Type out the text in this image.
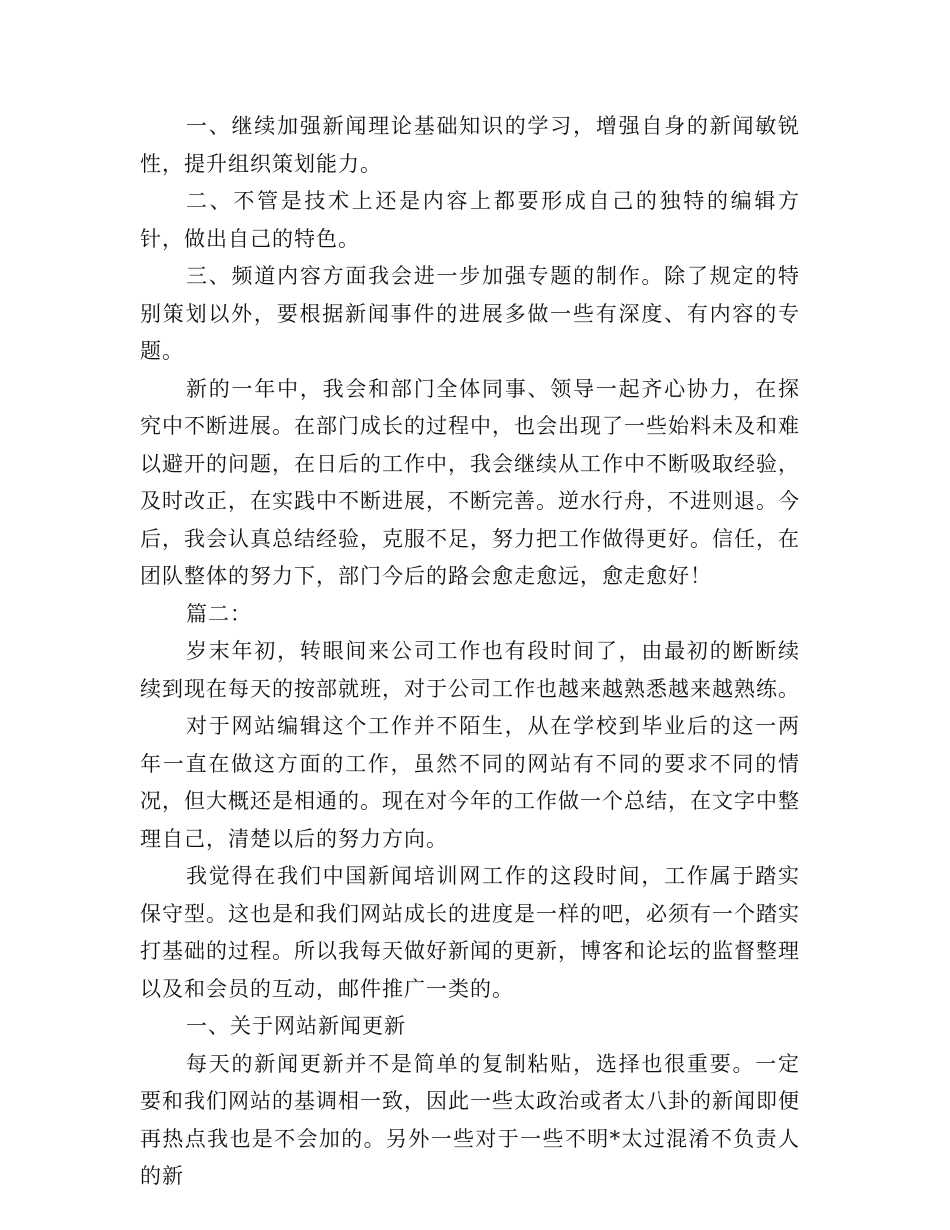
一、继续加强新闻理论基础知识的学习，增强自身的新闻敏锐性，提升组织策划能力。

二、不管是技术上还是内容上都要形成自己的独特的编辑方针，做出自己的特色。

三、频道内容方面我会进一步加强专题的制作。除了规定的特别策划以外，要根据新闻事件的进展多做一些有深度、有内容的专题。

新的一年中，我会和部门全体同事、领导一起齐心协力，在探究中不断进展。在部门成长的过程中，也会出现了一些始料未及和难以避开的问题，在日后的工作中，我会继续从工作中不断吸取经验，及时改正，在实践中不断进展，不断完善。逆水行舟，不进则退。今后，我会认真总结经验，克服不足，努力把工作做得更好。信任，在团队整体的努力下，部门今后的路会愈走愈远，愈走愈好！

篇二：

岁末年初，转眼间来公司工作也有段时间了，由最初的断断续续到现在每天的按部就班，对于公司工作也越来越熟悉越来越熟练。

对于网站编辑这个工作并不陌生，从在学校到毕业后的这一两年一直在做这方面的工作，虽然不同的网站有不同的要求不同的情况，但大概还是相通的。现在对今年的工作做一个总结，在文字中整理自己，清楚以后的努力方向。

我觉得在我们中国新闻培训网工作的这段时间，工作属于踏实保守型。这也是和我们网站成长的进度是一样的吧，必须有一个踏实打基础的过程。所以我每天做好新闻的更新，博客和论坛的监督整理以及和会员的互动，邮件推广一类的。

一、关于网站新闻更新

每天的新闻更新并不是简单的复制粘贴，选择也很重要。一定要和我们网站的基调相一致，因此一些太政治或者太八卦的新闻即便再热点我也是不会加的。另外一些对于一些不明*太过混淆不负责人的新
